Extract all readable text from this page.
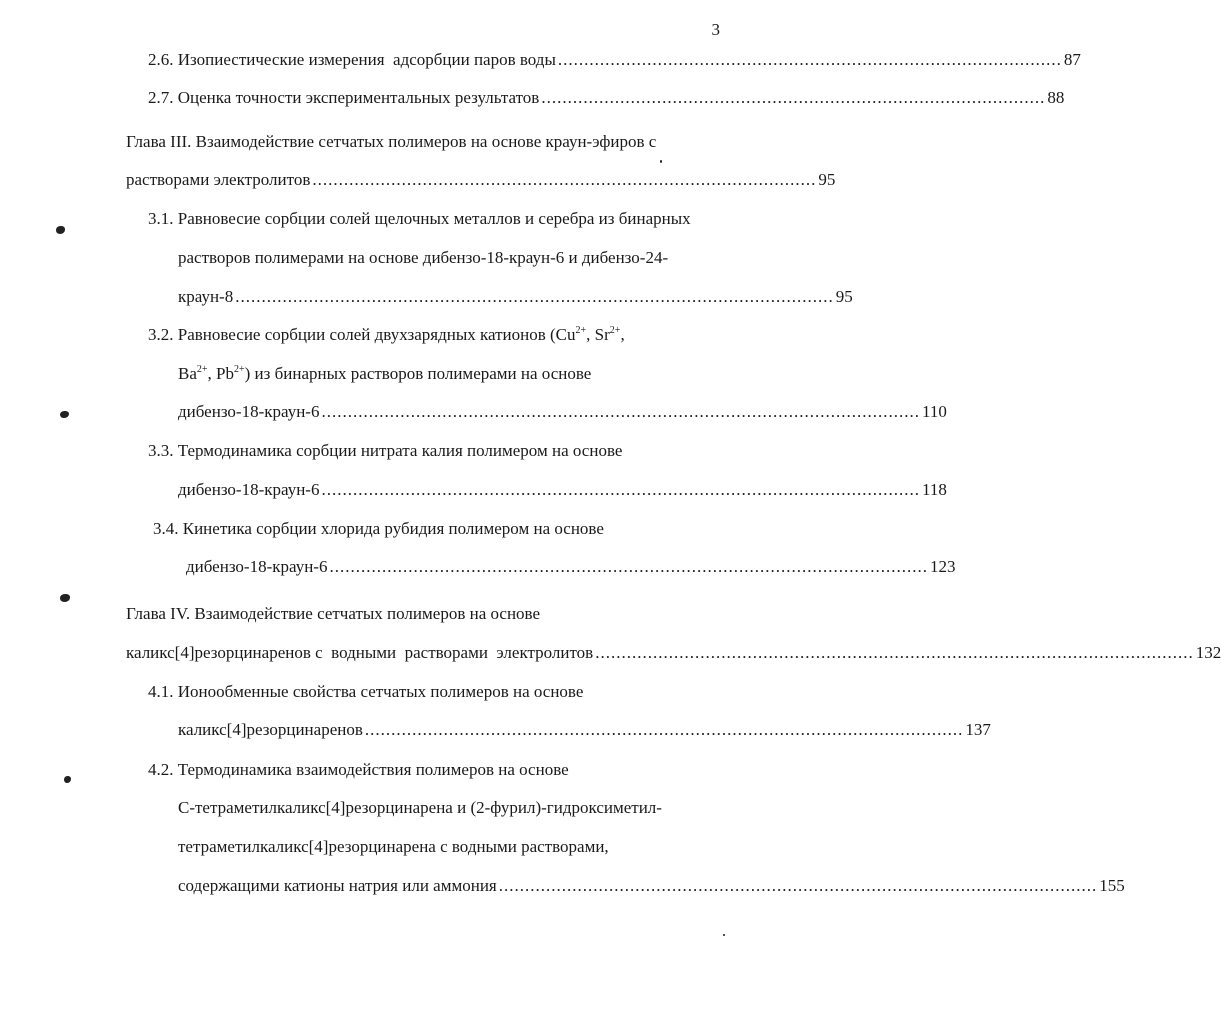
3
2.6. Изопиестические измерения  адсорбции паров воды ................................................................................................ 87
2.7. Оценка точности экспериментальных результатов ................................................................................................ 88
Глава III. Взаимодействие сетчатых полимеров на основе краун-эфиров с
растворами электролитов ................................................................................................ 95
3.1. Равновесие сорбции солей щелочных металлов и серебра из бинарных
растворов полимерами на основе дибензо-18-краун-6 и дибензо-24-
краун-8 .................................................................................................................. 95
3.2. Равновесие сорбции солей двухзарядных катионов ($Cu^{2+}$, $Sr^{2+}$,
$Ba^{2+}$, $Pb^{2+}$) из бинарных растворов полимерами на основе
дибензо-18-краун-6 .................................................................................................................. 110
3.3. Термодинамика сорбции нитрата калия полимером на основе
дибензо-18-краун-6 .................................................................................................................. 118
3.4. Кинетика сорбции хлорида рубидия полимером на основе
дибензо-18-краун-6 .................................................................................................................. 123
Глава IV. Взаимодействие сетчатых полимеров на основе
каликс[4]резорцинаренов с  водными  растворами  электролитов .................................................................................................................. 132
4.1. Ионообменные свойства сетчатых полимеров на основе
каликс[4]резорцинаренов .................................................................................................................. 137
4.2. Термодинамика взаимодействия полимеров на основе
С-тетраметилкаликс[4]резорцинарена и (2-фурил)-гидроксиметил-
тетраметилкаликс[4]резорцинарена с водными растворами,
содержащими катионы натрия или аммония .................................................................................................................. 155
